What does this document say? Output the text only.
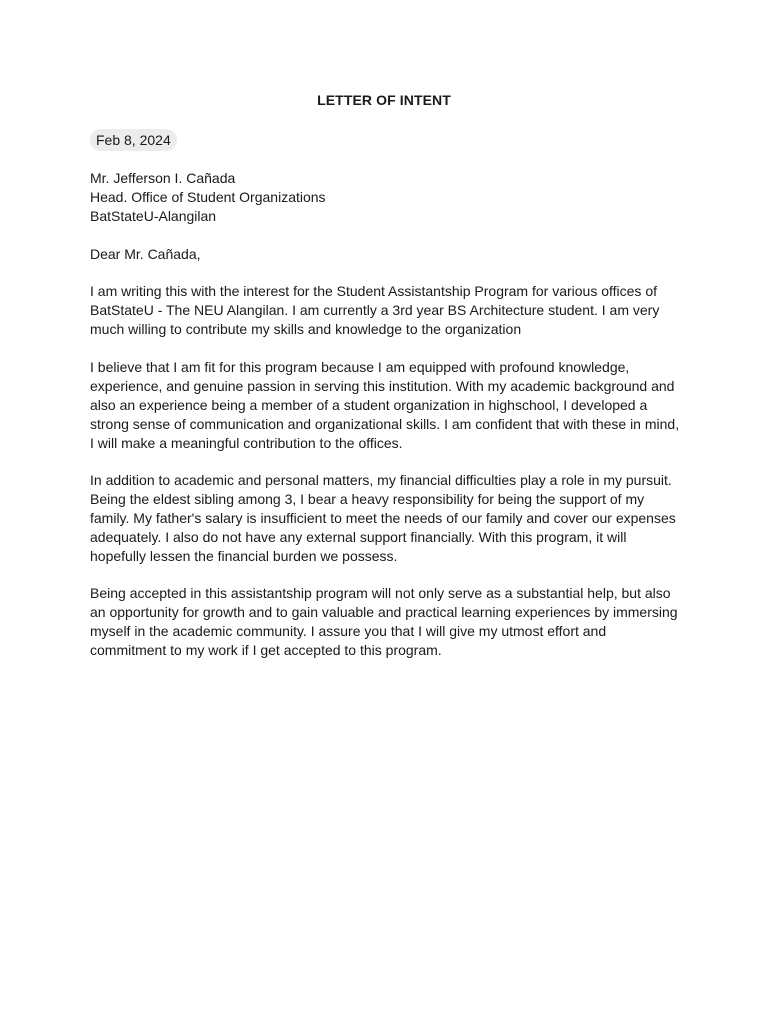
LETTER OF INTENT
Feb 8, 2024
Mr. Jefferson I. Cañada
Head. Office of Student Organizations
BatStateU-Alangilan
Dear Mr. Cañada,

I am writing this with the interest for the Student Assistantship Program for various offices of BatStateU - The NEU Alangilan. I am currently a 3rd year BS Architecture student. I am very much willing to contribute my skills and knowledge to the organization

I believe that I am fit for this program because I am equipped with profound knowledge, experience, and genuine passion in serving this institution. With my academic background and also an experience being a member of a student organization in highschool, I developed a strong sense of communication and organizational skills. I am confident that with these in mind, I will make a meaningful contribution to the offices.

In addition to academic and personal matters, my financial difficulties play a role in my pursuit. Being the eldest sibling among 3, I bear a heavy responsibility for being the support of my family. My father's salary is insufficient to meet the needs of our family and cover our expenses adequately. I also do not have any external support financially. With this program, it will hopefully lessen the financial burden we possess.

Being accepted in this assistantship program will not only serve as a substantial help, but also an opportunity for growth and to gain valuable and practical learning experiences by immersing myself in the academic community. I assure you that I will give my utmost effort and commitment to my work if I get accepted to this program.
